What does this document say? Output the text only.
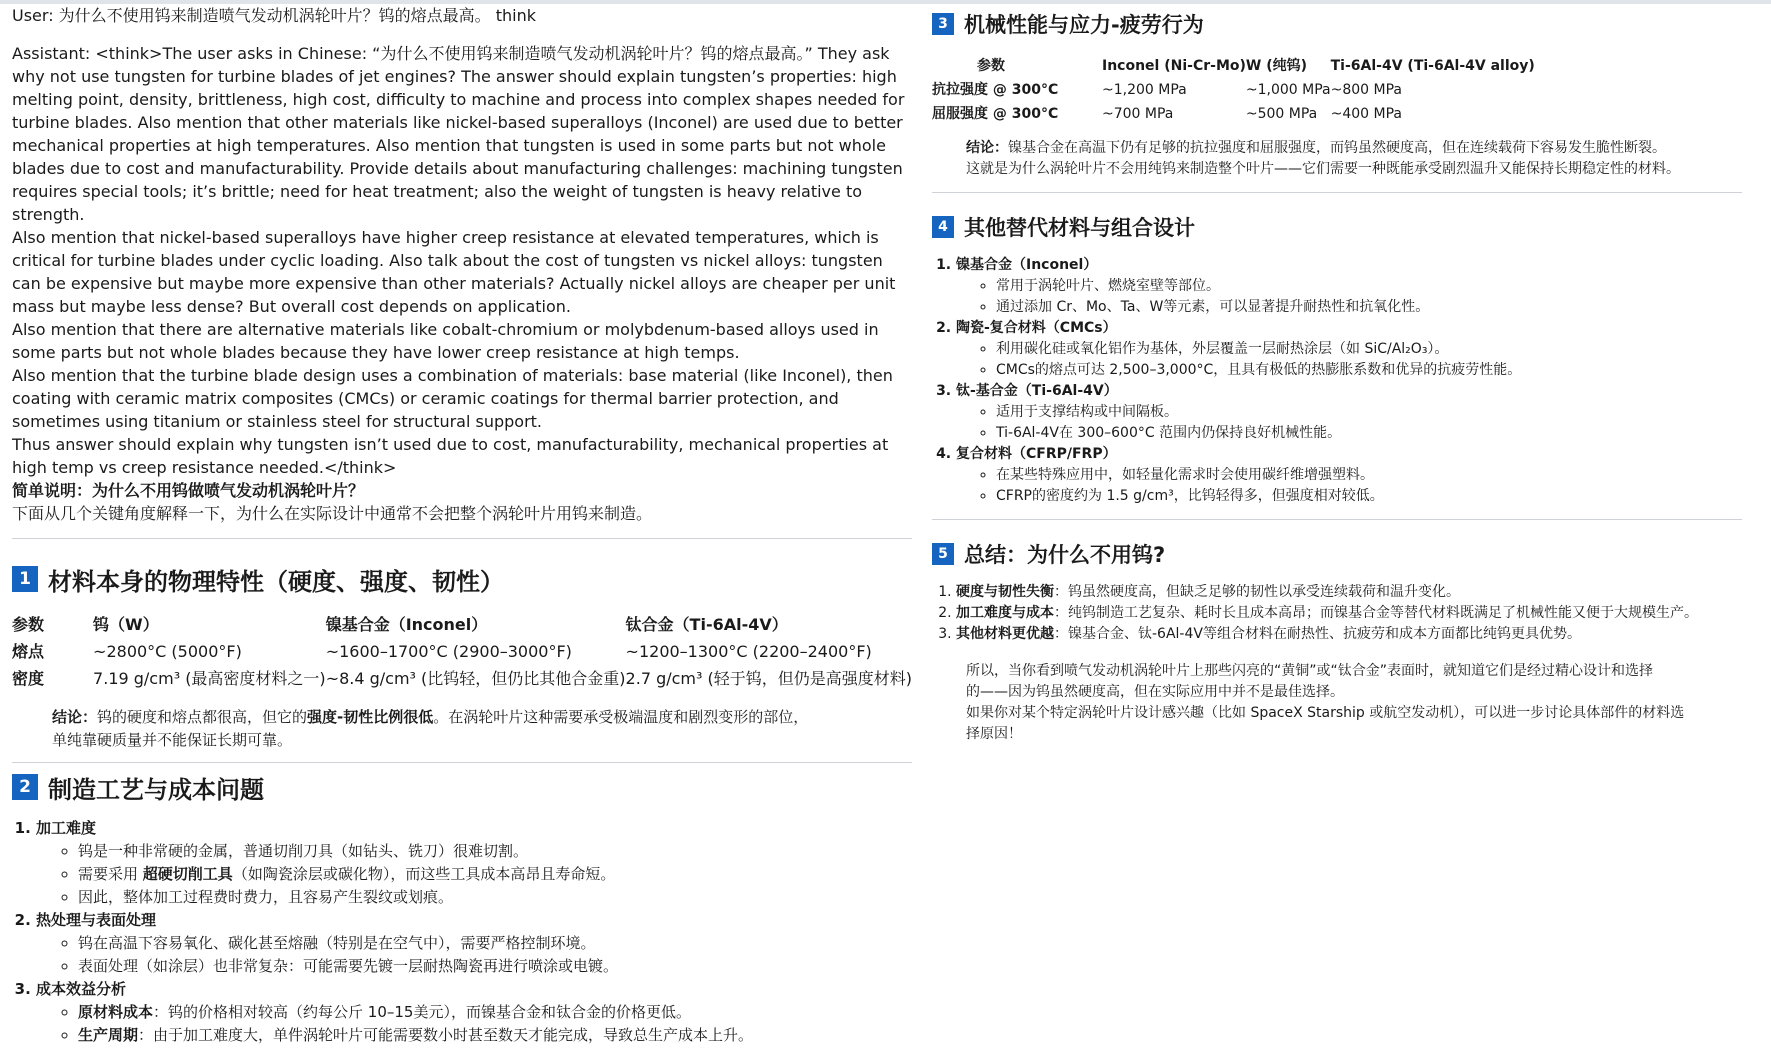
User: 为什么不使用钨来制造喷气发动机涡轮叶片？钨的熔点最高。 think

Assistant: <think>The user asks in Chinese: “为什么不使用钨来制造喷气发动机涡轮叶片？钨的熔点最高。” They ask why not use tungsten for turbine blades of jet engines? The answer should explain tungsten’s properties: high melting point, density, brittleness, high cost, difficulty to machine and process into complex shapes needed for turbine blades. Also mention that other materials like nickel-based superalloys (Inconel) are used due to better mechanical properties at high temperatures. Also mention that tungsten is used in some parts but not whole blades due to cost and manufacturability. Provide details about manufacturing challenges: machining tungsten requires special tools; it’s brittle; need for heat treatment; also the weight of tungsten is heavy relative to strength.

Also mention that nickel-based superalloys have higher creep resistance at elevated temperatures, which is critical for turbine blades under cyclic loading. Also talk about the cost of tungsten vs nickel alloys: tungsten can be expensive but maybe more expensive than other materials? Actually nickel alloys are cheaper per unit mass but maybe less dense? But overall cost depends on application.

Also mention that there are alternative materials like cobalt-chromium or molybdenum-based alloys used in some parts but not whole blades because they have lower creep resistance at high temps.

Also mention that the turbine blade design uses a combination of materials: base material (like Inconel), then coating with ceramic matrix composites (CMCs) or ceramic coatings for thermal barrier protection, and sometimes using titanium or stainless steel for structural support.

Thus answer should explain why tungsten isn’t used due to cost, manufacturability, mechanical properties at high temp vs creep resistance needed.</think>

简单说明：为什么不用钨做喷气发动机涡轮叶片？

下面从几个关键角度解释一下，为什么在实际设计中通常不会把整个涡轮叶片用钨来制造。

1 材料本身的物理特性（硬度、强度、韧性）
参数	钨（W）	镍基合金（Inconel）	钛合金（Ti-6Al-4V）
熔点	~2800°C (5000°F)	~1600–1700°C (2900–3000°F)	~1200–1300°C (2200–2400°F)
密度	7.19 g/cm³ (最高密度材料之一)	~8.4 g/cm³ (比钨轻，但仍比其他合金重)	2.7 g/cm³ (轻于钨，但仍是高强度材料)

结论：钨的硬度和熔点都很高，但它的强度-韧性比例很低。在涡轮叶片这种需要承受极端温度和剧烈变形的部位，

单纯靠硬质量并不能保证长期可靠。

2 制造工艺与成本问题
1. 加工难度
◦ 钨是一种非常硬的金属，普通切削刀具（如钻头、铣刀）很难切割。
◦ 需要采用 超硬切削工具（如陶瓷涂层或碳化物），而这些工具成本高昂且寿命短。
◦ 因此，整体加工过程费时费力，且容易产生裂纹或划痕。
2. 热处理与表面处理
◦ 钨在高温下容易氧化、碳化甚至熔融（特别是在空气中），需要严格控制环境。
◦ 表面处理（如涂层）也非常复杂：可能需要先镀一层耐热陶瓷再进行喷涂或电镀。
3. 成本效益分析
◦ 原材料成本：钨的价格相对较高（约每公斤 10–15美元），而镍基合金和钛合金的价格更低。
◦ 生产周期：由于加工难度大，单件涡轮叶片可能需要数小时甚至数天才能完成，导致总生产成本上升。
3 机械性能与应力-疲劳行为
参数	Inconel (Ni-Cr-Mo)	W (纯钨)	Ti-6Al-4V (Ti-6Al-4V alloy)
抗拉强度 @ 300°C	~1,200 MPa	~1,000 MPa	~800 MPa
屈服强度 @ 300°C	~700 MPa	~500 MPa	~400 MPa

结论：镍基合金在高温下仍有足够的抗拉强度和屈服强度，而钨虽然硬度高，但在连续载荷下容易发生脆性断裂。

这就是为什么涡轮叶片不会用纯钨来制造整个叶片——它们需要一种既能承受剧烈温升又能保持长期稳定性的材料。

4 其他替代材料与组合设计
1. 镍基合金（Inconel）
◦ 常用于涡轮叶片、燃烧室壁等部位。
◦ 通过添加 Cr、Mo、Ta、W等元素，可以显著提升耐热性和抗氧化性。
2. 陶瓷-复合材料（CMCs）
◦ 利用碳化硅或氧化铝作为基体，外层覆盖一层耐热涂层（如 SiC/Al₂O₃）。
◦ CMCs的熔点可达 2,500–3,000°C，且具有极低的热膨胀系数和优异的抗疲劳性能。
3. 钛-基合金（Ti-6Al-4V）
◦ 适用于支撑结构或中间隔板。
◦ Ti-6Al-4V在 300–600°C 范围内仍保持良好机械性能。
4. 复合材料（CFRP/FRP）
◦ 在某些特殊应用中，如轻量化需求时会使用碳纤维增强塑料。
◦ CFRP的密度约为 1.5 g/cm³，比钨轻得多，但强度相对较低。
5 总结：为什么不用钨?
1. 硬度与韧性失衡：钨虽然硬度高，但缺乏足够的韧性以承受连续载荷和温升变化。
2. 加工难度与成本：纯钨制造工艺复杂、耗时长且成本高昂；而镍基合金等替代材料既满足了机械性能又便于大规模生产。
3. 其他材料更优越：镍基合金、钛-6Al-4V等组合材料在耐热性、抗疲劳和成本方面都比纯钨更具优势。

所以，当你看到喷气发动机涡轮叶片上那些闪亮的“黄铜”或“钛合金”表面时，就知道它们是经过精心设计和选择

的——因为钨虽然硬度高，但在实际应用中并不是最佳选择。

如果你对某个特定涡轮叶片设计感兴趣（比如 SpaceX Starship 或航空发动机），可以进一步讨论具体部件的材料选

择原因！
